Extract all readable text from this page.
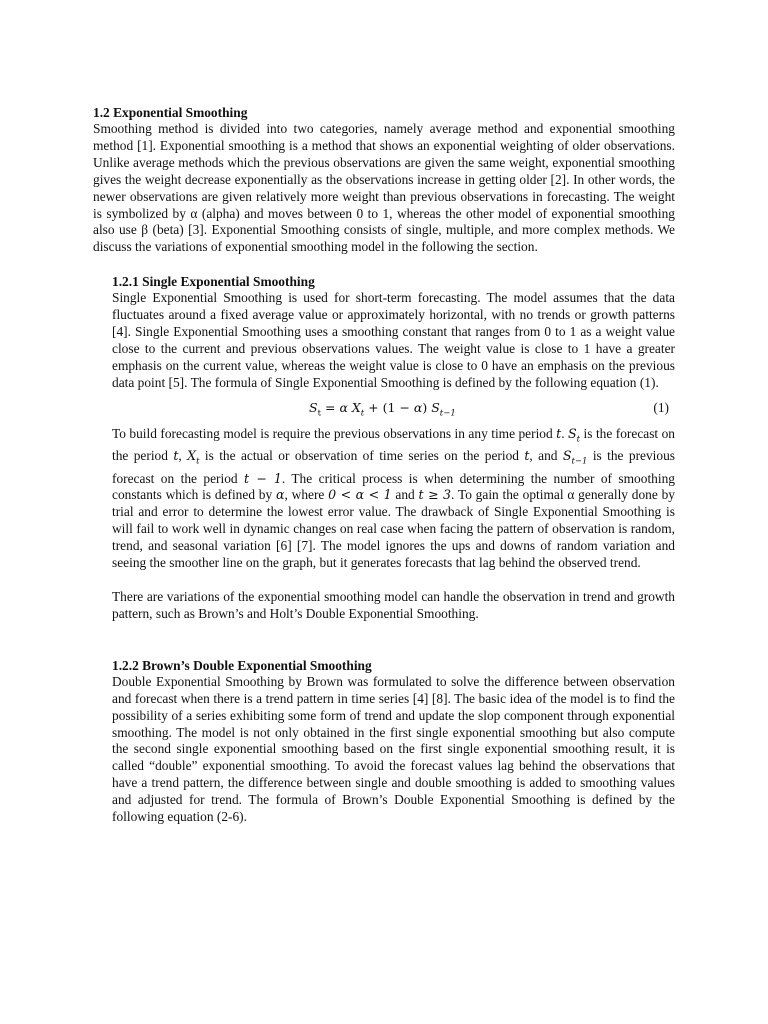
1.2 Exponential Smoothing

Smoothing method is divided into two categories, namely average method and exponential smoothing method [1]. Exponential smoothing is a method that shows an exponential weighting of older observations. Unlike average methods which the previous observations are given the same weight, exponential smoothing gives the weight decrease exponentially as the observations increase in getting older [2]. In other words, the newer observations are given relatively more weight than previous observations in forecasting. The weight is symbolized by α (alpha) and moves between 0 to 1, whereas the other model of exponential smoothing also use β (beta) [3]. Exponential Smoothing consists of single, multiple, and more complex methods. We discuss the variations of exponential smoothing model in the following the section.

1.2.1 Single Exponential Smoothing

Single Exponential Smoothing is used for short-term forecasting. The model assumes that the data fluctuates around a fixed average value or approximately horizontal, with no trends or growth patterns [4]. Single Exponential Smoothing uses a smoothing constant that ranges from 0 to 1 as a weight value close to the current and previous observations values. The weight value is close to 1 have a greater emphasis on the current value, whereas the weight value is close to 0 have an emphasis on the previous data point [5]. The formula of Single Exponential Smoothing is defined by the following equation (1).

$S_t = \alpha$ $X_t + (1 - \alpha)$ $S_{t-1}$	(1)

To build forecasting model is require the previous observations in any time period t. $S_t$ is the forecast on the period t, $X_t$ is the actual or observation of time series on the period t, and $S_{t-1}$ is the previous forecast on the period t − 1. The critical process is when determining the number of smoothing constants which is defined by α, where 0 < α < 1 and t ≥ 3. To gain the optimal α generally done by trial and error to determine the lowest error value. The drawback of Single Exponential Smoothing is will fail to work well in dynamic changes on real case when facing the pattern of observation is random, trend, and seasonal variation [6] [7]. The model ignores the ups and downs of random variation and seeing the smoother line on the graph, but it generates forecasts that lag behind the observed trend.

There are variations of the exponential smoothing model can handle the observation in trend and growth pattern, such as Brown’s and Holt’s Double Exponential Smoothing.

1.2.2 Brown’s Double Exponential Smoothing

Double Exponential Smoothing by Brown was formulated to solve the difference between observation and forecast when there is a trend pattern in time series [4] [8]. The basic idea of the model is to find the possibility of a series exhibiting some form of trend and update the slop component through exponential smoothing. The model is not only obtained in the first single exponential smoothing but also compute the second single exponential smoothing based on the first single exponential smoothing result, it is called “double” exponential smoothing. To avoid the forecast values lag behind the observations that have a trend pattern, the difference between single and double smoothing is added to smoothing values and adjusted for trend. The formula of Brown’s Double Exponential Smoothing is defined by the following equation (2-6).
